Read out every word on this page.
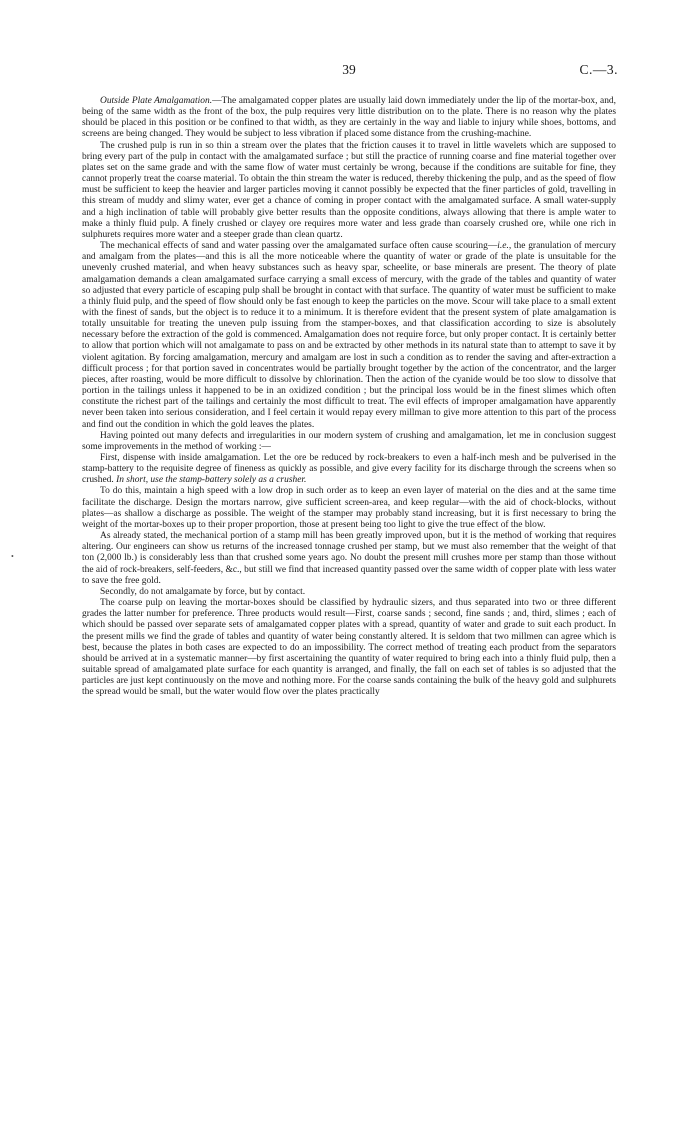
39	C.—3.

Outside Plate Amalgamation.—The amalgamated copper plates are usually laid down immediately under the lip of the mortar-box, and, being of the same width as the front of the box, the pulp requires very little distribution on to the plate. There is no reason why the plates should be placed in this position or be confined to that width, as they are certainly in the way and liable to injury while shoes, bottoms, and screens are being changed. They would be subject to less vibration if placed some distance from the crushing-machine.

The crushed pulp is run in so thin a stream over the plates that the friction causes it to travel in little wavelets which are supposed to bring every part of the pulp in contact with the amalgamated surface ; but still the practice of running coarse and fine material together over plates set on the same grade and with the same flow of water must certainly be wrong, because if the conditions are suitable for fine, they cannot properly treat the coarse material. To obtain the thin stream the water is reduced, thereby thickening the pulp, and as the speed of flow must be sufficient to keep the heavier and larger particles moving it cannot possibly be expected that the finer particles of gold, travelling in this stream of muddy and slimy water, ever get a chance of coming in proper contact with the amalgamated surface. A small water-supply and a high inclination of table will probably give better results than the opposite conditions, always allowing that there is ample water to make a thinly fluid pulp. A finely crushed or clayey ore requires more water and less grade than coarsely crushed ore, while one rich in sulphurets requires more water and a steeper grade than clean quartz.

The mechanical effects of sand and water passing over the amalgamated surface often cause scouring—i.e., the granulation of mercury and amalgam from the plates—and this is all the more noticeable where the quantity of water or grade of the plate is unsuitable for the unevenly crushed material, and when heavy substances such as heavy spar, scheelite, or base minerals are present. The theory of plate amalgamation demands a clean amalgamated surface carrying a small excess of mercury, with the grade of the tables and quantity of water so adjusted that every particle of escaping pulp shall be brought in contact with that surface. The quantity of water must be sufficient to make a thinly fluid pulp, and the speed of flow should only be fast enough to keep the particles on the move. Scour will take place to a small extent with the finest of sands, but the object is to reduce it to a minimum. It is therefore evident that the present system of plate amalgamation is totally unsuitable for treating the uneven pulp issuing from the stamper-boxes, and that classification according to size is absolutely necessary before the extraction of the gold is commenced. Amalgamation does not require force, but only proper contact. It is certainly better to allow that portion which will not amalgamate to pass on and be extracted by other methods in its natural state than to attempt to save it by violent agitation. By forcing amalgamation, mercury and amalgam are lost in such a condition as to render the saving and after-extraction a difficult process ; for that portion saved in concentrates would be partially brought together by the action of the concentrator, and the larger pieces, after roasting, would be more difficult to dissolve by chlorination. Then the action of the cyanide would be too slow to dissolve that portion in the tailings unless it happened to be in an oxidized condition ; but the principal loss would be in the finest slimes which often constitute the richest part of the tailings and certainly the most difficult to treat. The evil effects of improper amalgamation have apparently never been taken into serious consideration, and I feel certain it would repay every millman to give more attention to this part of the process and find out the condition in which the gold leaves the plates.

Having pointed out many defects and irregularities in our modern system of crushing and amalgamation, let me in conclusion suggest some improvements in the method of working :—

First, dispense with inside amalgamation. Let the ore be reduced by rock-breakers to even a half-inch mesh and be pulverised in the stamp-battery to the requisite degree of fineness as quickly as possible, and give every facility for its discharge through the screens when so crushed. In short, use the stamp-battery solely as a crusher.

To do this, maintain a high speed with a low drop in such order as to keep an even layer of material on the dies and at the same time facilitate the discharge. Design the mortars narrow, give sufficient screen-area, and keep regular—with the aid of chock-blocks, without plates—as shallow a discharge as possible. The weight of the stamper may probably stand increasing, but it is first necessary to bring the weight of the mortar-boxes up to their proper proportion, those at present being too light to give the true effect of the blow.

As already stated, the mechanical portion of a stamp mill has been greatly improved upon, but it is the method of working that requires altering. Our engineers can show us returns of the increased tonnage crushed per stamp, but we must also remember that the weight of that ton (2,000 lb.) is considerably less than that crushed some years ago. No doubt the present mill crushes more per stamp than those without the aid of rock-breakers, self-feeders, &c., but still we find that increased quantity passed over the same width of copper plate with less water to save the free gold.

Secondly, do not amalgamate by force, but by contact.

The coarse pulp on leaving the mortar-boxes should be classified by hydraulic sizers, and thus separated into two or three different grades the latter number for preference. Three products would result—First, coarse sands ; second, fine sands ; and, third, slimes ; each of which should be passed over separate sets of amalgamated copper plates with a spread, quantity of water and grade to suit each product. In the present mills we find the grade of tables and quantity of water being constantly altered. It is seldom that two millmen can agree which is best, because the plates in both cases are expected to do an impossibility. The correct method of treating each product from the separators should be arrived at in a systematic manner—by first ascertaining the quantity of water required to bring each into a thinly fluid pulp, then a suitable spread of amalgamated plate surface for each quantity is arranged, and finally, the fall on each set of tables is so adjusted that the particles are just kept continuously on the move and nothing more. For the coarse sands containing the bulk of the heavy gold and sulphurets the spread would be small, but the water would flow over the plates practically

•
